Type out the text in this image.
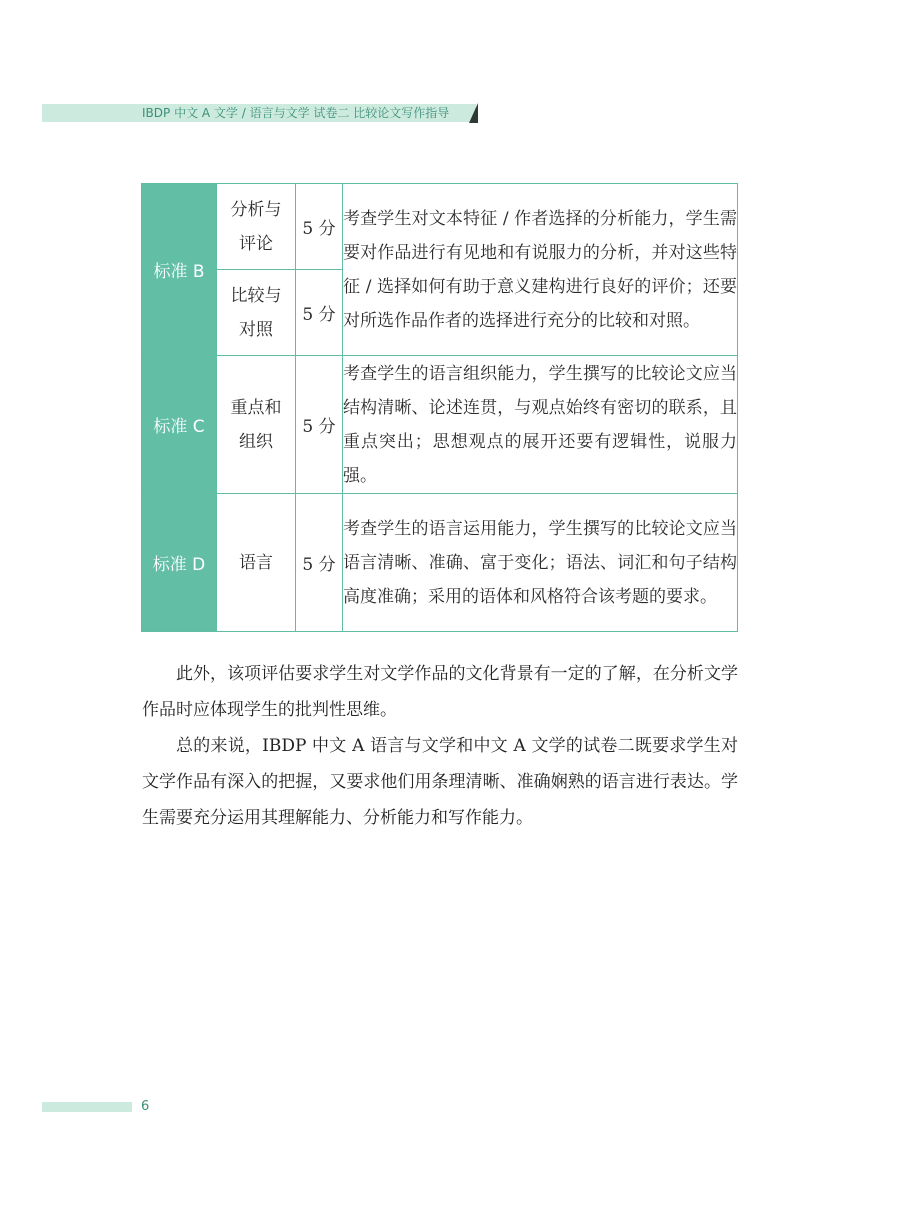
IBDP 中文 A 文学 / 语言与文学 试卷二 比较论文写作指导
标准 B	分析与评论	5 分	考查学生对文本特征 / 作者选择的分析能力，学生需要对作品进行有见地和有说服力的分析，并对这些特征 / 选择如何有助于意义建构进行良好的评价；还要对所选作品作者的选择进行充分的比较和对照。
	比较与对照	5 分	
标准 C	重点和组织	5 分	考查学生的语言组织能力，学生撰写的比较论文应当结构清晰、论述连贯，与观点始终有密切的联系，且重点突出；思想观点的展开还要有逻辑性，说服力强。
标准 D	语言	5 分	考查学生的语言运用能力，学生撰写的比较论文应当语言清晰、准确、富于变化；语法、词汇和句子结构高度准确；采用的语体和风格符合该考题的要求。

此外，该项评估要求学生对文学作品的文化背景有一定的了解，在分析文学作品时应体现学生的批判性思维。

总的来说，IBDP 中文 A 语言与文学和中文 A 文学的试卷二既要求学生对文学作品有深入的把握，又要求他们用条理清晰、准确娴熟的语言进行表达。学生需要充分运用其理解能力、分析能力和写作能力。

6
